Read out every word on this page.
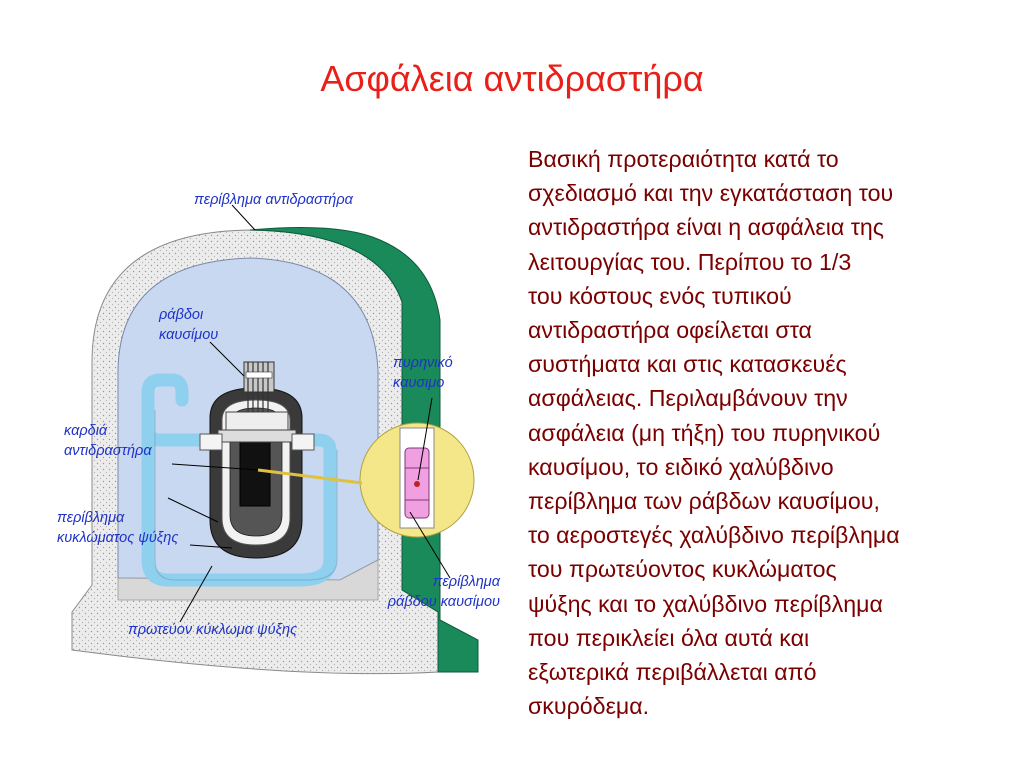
Ασφάλεια αντιδραστήρα
Βασική προτεραιότητα κατά το
σχεδιασμό και την εγκατάσταση του
αντιδραστήρα είναι η ασφάλεια της
λειτουργίας του. Περίπου το 1/3
του κόστους ενός τυπικού
αντιδραστήρα οφείλεται στα
συστήματα και στις κατασκευές
ασφάλειας. Περιλαμβάνουν την
ασφάλεια (μη τήξη) του πυρηνικού
καυσίμου, το ειδικό χαλύβδινο
περίβλημα των ράβδων καυσίμου,
το αεροστεγές χαλύβδινο περίβλημα
του πρωτεύοντος κυκλώματος
ψύξης και το χαλύβδινο περίβλημα
που περικλείει όλα αυτά και
εξωτερικά περιβάλλεται από
σκυρόδεμα.
περίβλημα αντιδραστήρα
ράβδοι
καυσίμου
πυρηνικό
καυσιμο
καρδιά
αντιδραστήρα
περίβλημα
κυκλώματος ψύξης
περίβλημα
ράβδου καυσίμου
πρωτεύον κύκλωμα ψύξης
